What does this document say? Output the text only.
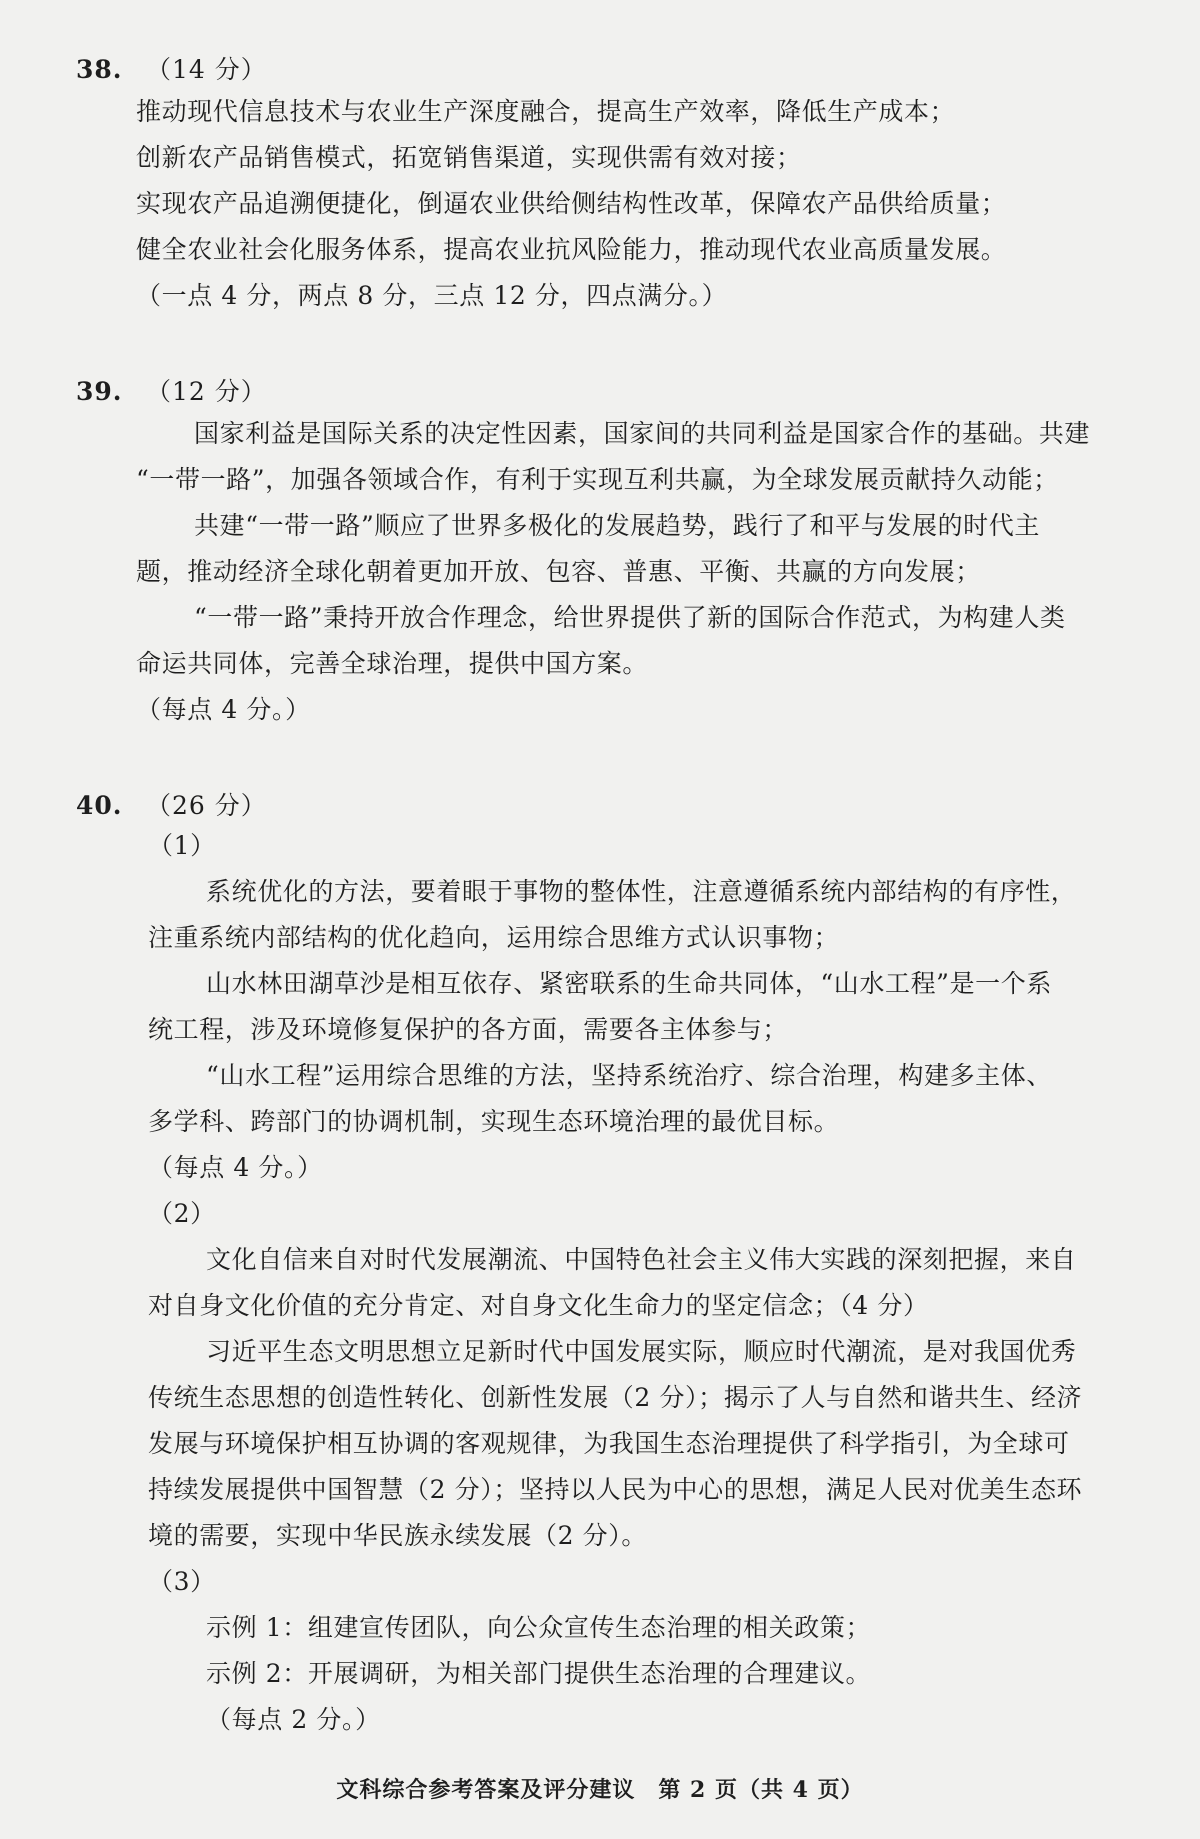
38. （14 分）
推动现代信息技术与农业生产深度融合，提高生产效率，降低生产成本；
创新农产品销售模式，拓宽销售渠道，实现供需有效对接；
实现农产品追溯便捷化，倒逼农业供给侧结构性改革，保障农产品供给质量；
健全农业社会化服务体系，提高农业抗风险能力，推动现代农业高质量发展。
（一点 4 分，两点 8 分，三点 12 分，四点满分。）
39. （12 分）
国家利益是国际关系的决定性因素，国家间的共同利益是国家合作的基础。共建
“一带一路”，加强各领域合作，有利于实现互利共赢，为全球发展贡献持久动能；
共建“一带一路”顺应了世界多极化的发展趋势，践行了和平与发展的时代主
题，推动经济全球化朝着更加开放、包容、普惠、平衡、共赢的方向发展；
“一带一路”秉持开放合作理念，给世界提供了新的国际合作范式，为构建人类
命运共同体，完善全球治理，提供中国方案。
（每点 4 分。）
40. （26 分）
（1）
系统优化的方法，要着眼于事物的整体性，注意遵循系统内部结构的有序性，
注重系统内部结构的优化趋向，运用综合思维方式认识事物；
山水林田湖草沙是相互依存、紧密联系的生命共同体，“山水工程”是一个系
统工程，涉及环境修复保护的各方面，需要各主体参与；
“山水工程”运用综合思维的方法，坚持系统治疗、综合治理，构建多主体、
多学科、跨部门的协调机制，实现生态环境治理的最优目标。
（每点 4 分。）
（2）
文化自信来自对时代发展潮流、中国特色社会主义伟大实践的深刻把握，来自
对自身文化价值的充分肯定、对自身文化生命力的坚定信念；（4 分）
习近平生态文明思想立足新时代中国发展实际，顺应时代潮流，是对我国优秀
传统生态思想的创造性转化、创新性发展（2 分）；揭示了人与自然和谐共生、经济
发展与环境保护相互协调的客观规律，为我国生态治理提供了科学指引，为全球可
持续发展提供中国智慧（2 分）；坚持以人民为中心的思想，满足人民对优美生态环
境的需要，实现中华民族永续发展（2 分）。
（3）
示例 1：组建宣传团队，向公众宣传生态治理的相关政策；
示例 2：开展调研，为相关部门提供生态治理的合理建议。
（每点 2 分。）
文科综合参考答案及评分建议　第 2 页（共 4 页）
